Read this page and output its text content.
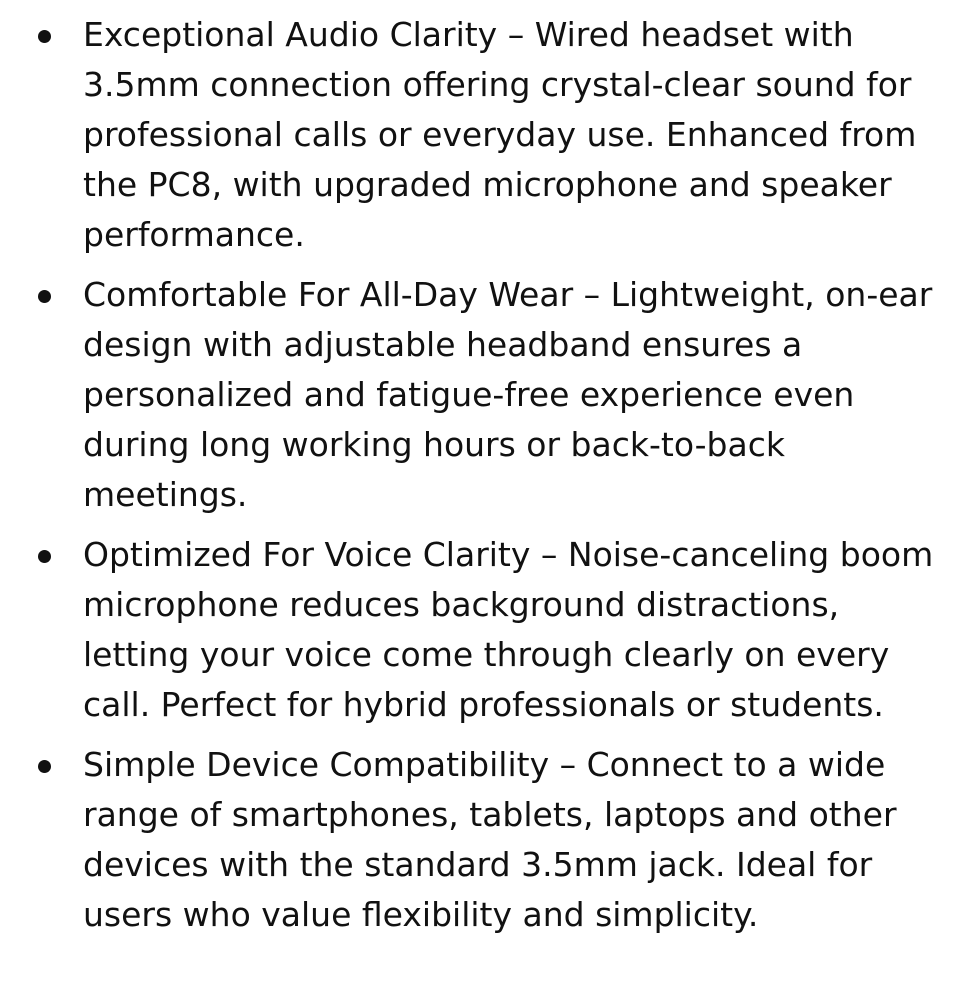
Exceptional Audio Clarity – Wired headset with 3.5mm connection offering crystal-clear sound for professional calls or everyday use. Enhanced from the PC8, with upgraded microphone and speaker performance.
Comfortable For All-Day Wear – Lightweight, on-ear design with adjustable headband ensures a personalized and fatigue-free experience even during long working hours or back-to-back meetings.
Optimized For Voice Clarity – Noise-canceling boom microphone reduces background distractions, letting your voice come through clearly on every call. Perfect for hybrid professionals or students.
Simple Device Compatibility – Connect to a wide range of smartphones, tablets, laptops and other devices with the standard 3.5mm jack. Ideal for users who value flexibility and simplicity.
